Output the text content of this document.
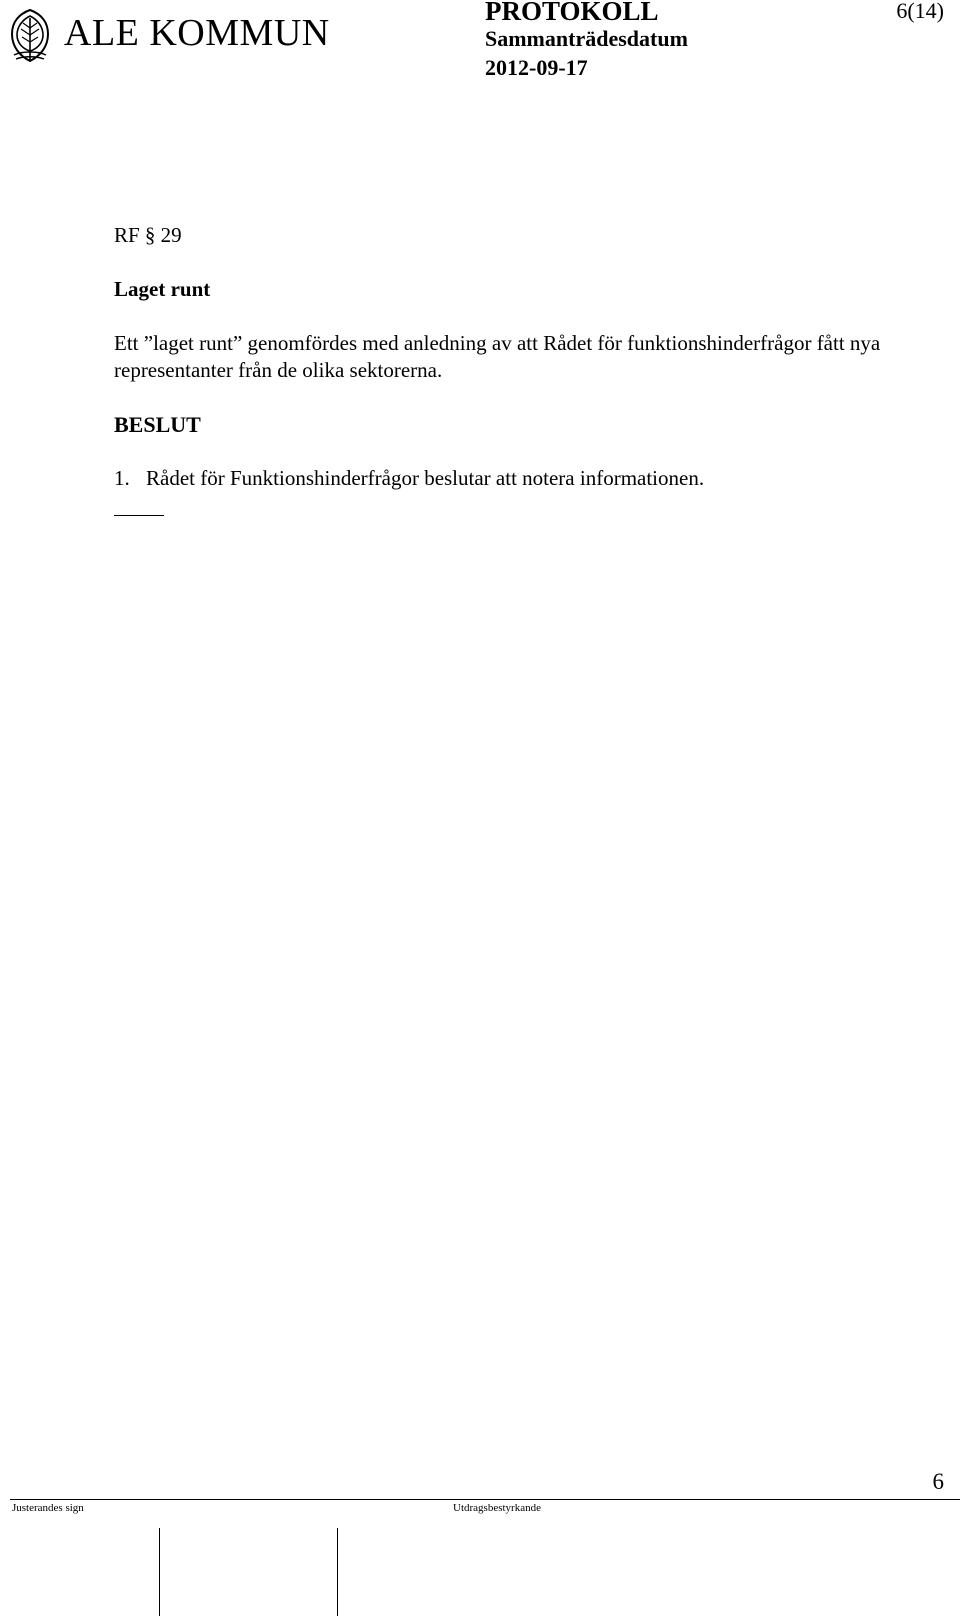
ALE KOMMUN
PROTOKOLL
Sammanträdesdatum
2012-09-17
6(14)
RF § 29
Laget runt
Ett ”laget runt” genomfördes med anledning av att Rådet för funktionshinderfrågor fått nya representanter från de olika sektorerna.
BESLUT
1. Rådet för Funktionshinderfrågor beslutar att notera informationen.
6
Justerandes sign	Utdragsbestyrkande
